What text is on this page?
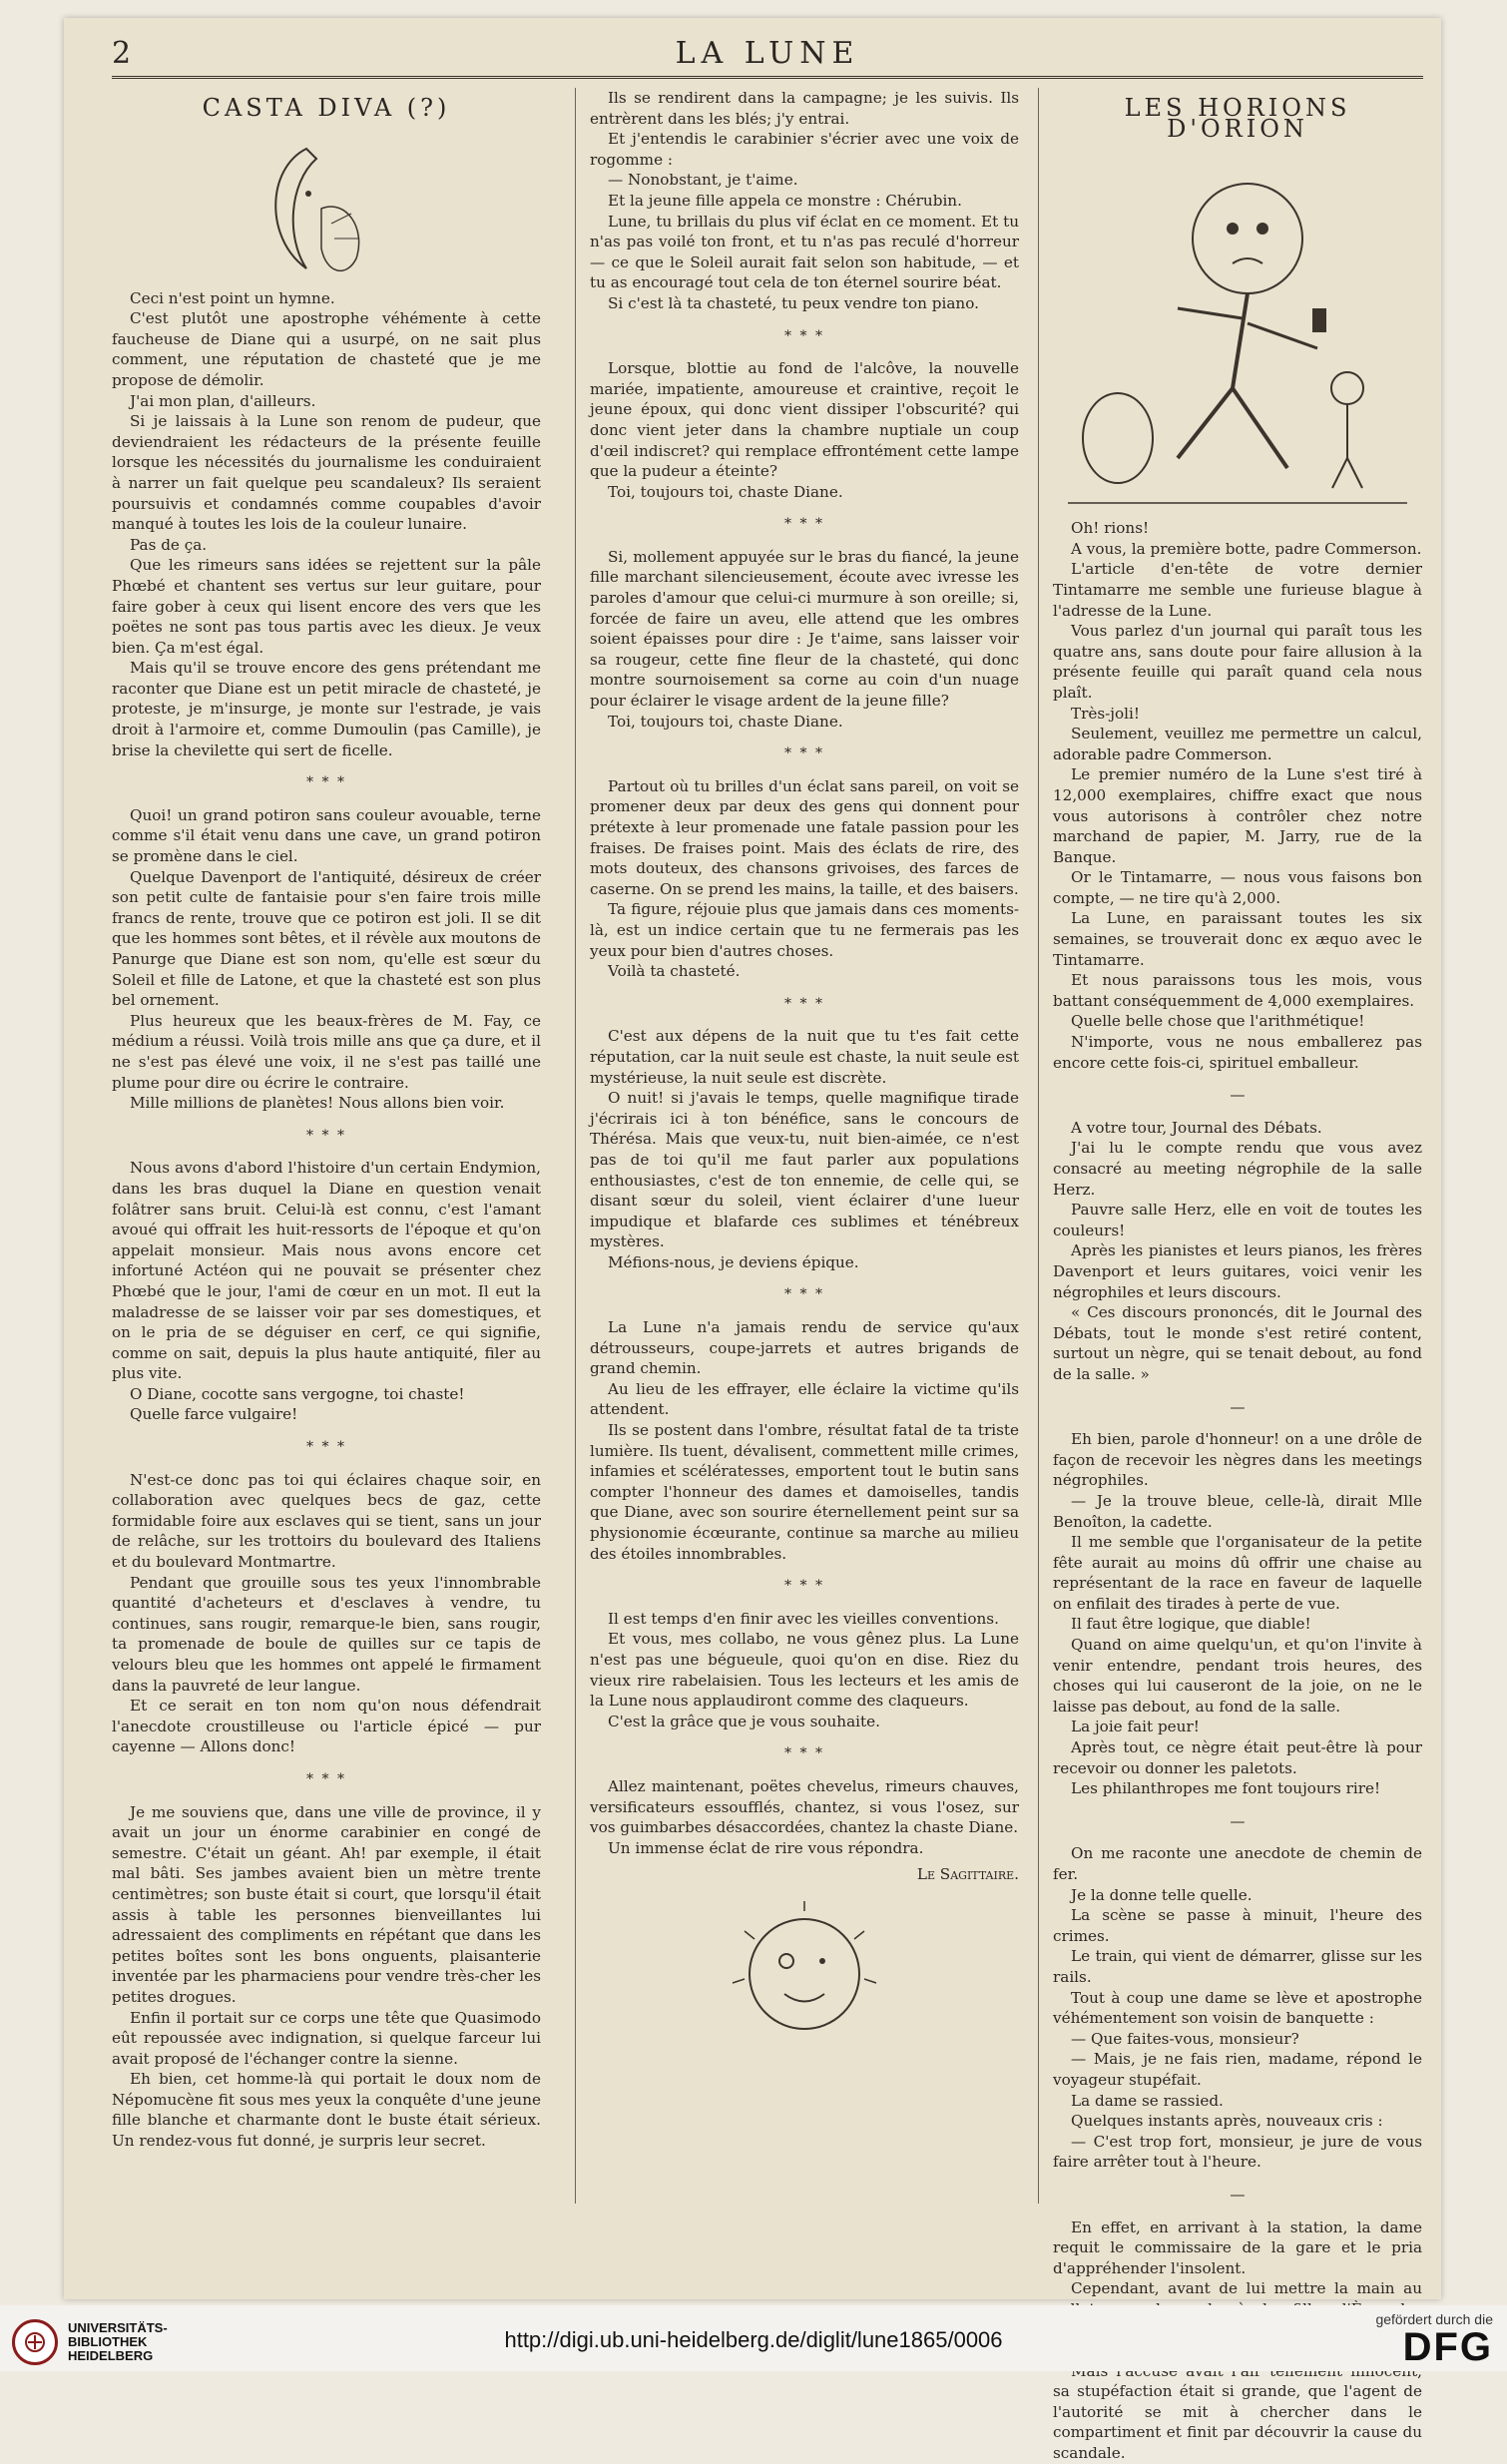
2	LA LUNE
CASTA DIVA (?)

Ceci n'est point un hymne.

C'est plutôt une apostrophe véhémente à cette faucheuse de Diane qui a usurpé, on ne sait plus comment, une réputation de chasteté que je me propose de démolir.

J'ai mon plan, d'ailleurs.

Si je laissais à la Lune son renom de pudeur, que deviendraient les rédacteurs de la présente feuille lorsque les nécessités du journalisme les conduiraient à narrer un fait quelque peu scandaleux? Ils seraient poursuivis et condamnés comme coupables d'avoir manqué à toutes les lois de la couleur lunaire.

Pas de ça.

Que les rimeurs sans idées se rejettent sur la pâle Phœbé et chantent ses vertus sur leur guitare, pour faire gober à ceux qui lisent encore des vers que les poëtes ne sont pas tous partis avec les dieux. Je veux bien. Ça m'est égal.

Mais qu'il se trouve encore des gens prétendant me raconter que Diane est un petit miracle de chasteté, je proteste, je m'insurge, je monte sur l'estrade, je vais droit à l'armoire et, comme Dumoulin (pas Camille), je brise la chevilette qui sert de ficelle.

* * *

Quoi! un grand potiron sans couleur avouable, terne comme s'il était venu dans une cave, un grand potiron se promène dans le ciel.

Quelque Davenport de l'antiquité, désireux de créer son petit culte de fantaisie pour s'en faire trois mille francs de rente, trouve que ce potiron est joli. Il se dit que les hommes sont bêtes, et il révèle aux moutons de Panurge que Diane est son nom, qu'elle est sœur du Soleil et fille de Latone, et que la chasteté est son plus bel ornement.

Plus heureux que les beaux-frères de M. Fay, ce médium a réussi. Voilà trois mille ans que ça dure, et il ne s'est pas élevé une voix, il ne s'est pas taillé une plume pour dire ou écrire le contraire.

Mille millions de planètes! Nous allons bien voir.

* * *

Nous avons d'abord l'histoire d'un certain Endymion, dans les bras duquel la Diane en question venait folâtrer sans bruit. Celui-là est connu, c'est l'amant avoué qui offrait les huit-ressorts de l'époque et qu'on appelait monsieur. Mais nous avons encore cet infortuné Actéon qui ne pouvait se présenter chez Phœbé que le jour, l'ami de cœur en un mot. Il eut la maladresse de se laisser voir par ses domestiques, et on le pria de se déguiser en cerf, ce qui signifie, comme on sait, depuis la plus haute antiquité, filer au plus vite.

O Diane, cocotte sans vergogne, toi chaste!

Quelle farce vulgaire!

* * *

N'est-ce donc pas toi qui éclaires chaque soir, en collaboration avec quelques becs de gaz, cette formidable foire aux esclaves qui se tient, sans un jour de relâche, sur les trottoirs du boulevard des Italiens et du boulevard Montmartre.

Pendant que grouille sous tes yeux l'innombrable quantité d'acheteurs et d'esclaves à vendre, tu continues, sans rougir, remarque-le bien, sans rougir, ta promenade de boule de quilles sur ce tapis de velours bleu que les hommes ont appelé le firmament dans la pauvreté de leur langue.

Et ce serait en ton nom qu'on nous défendrait l'anecdote croustilleuse ou l'article épicé — pur cayenne — Allons donc!

* * *

Je me souviens que, dans une ville de province, il y avait un jour un énorme carabinier en congé de semestre. C'était un géant. Ah! par exemple, il était mal bâti. Ses jambes avaient bien un mètre trente centimètres; son buste était si court, que lorsqu'il était assis à table les personnes bienveillantes lui adressaient des compliments en répétant que dans les petites boîtes sont les bons onguents, plaisanterie inventée par les pharmaciens pour vendre très-cher les petites drogues.

Enfin il portait sur ce corps une tête que Quasimodo eût repoussée avec indignation, si quelque farceur lui avait proposé de l'échanger contre la sienne.

Eh bien, cet homme-là qui portait le doux nom de Népomucène fit sous mes yeux la conquête d'une jeune fille blanche et charmante dont le buste était sérieux. Un rendez-vous fut donné, je surpris leur secret.

Ils se rendirent dans la campagne; je les suivis. Ils entrèrent dans les blés; j'y entrai.

Et j'entendis le carabinier s'écrier avec une voix de rogomme :

— Nonobstant, je t'aime.

Et la jeune fille appela ce monstre : Chérubin.

Lune, tu brillais du plus vif éclat en ce moment. Et tu n'as pas voilé ton front, et tu n'as pas reculé d'horreur — ce que le Soleil aurait fait selon son habitude, — et tu as encouragé tout cela de ton éternel sourire béat.

Si c'est là ta chasteté, tu peux vendre ton piano.

* * *

Lorsque, blottie au fond de l'alcôve, la nouvelle mariée, impatiente, amoureuse et craintive, reçoit le jeune époux, qui donc vient dissiper l'obscurité? qui donc vient jeter dans la chambre nuptiale un coup d'œil indiscret? qui remplace effrontément cette lampe que la pudeur a éteinte?

Toi, toujours toi, chaste Diane.

* * *

Si, mollement appuyée sur le bras du fiancé, la jeune fille marchant silencieusement, écoute avec ivresse les paroles d'amour que celui-ci murmure à son oreille; si, forcée de faire un aveu, elle attend que les ombres soient épaisses pour dire : Je t'aime, sans laisser voir sa rougeur, cette fine fleur de la chasteté, qui donc montre sournoisement sa corne au coin d'un nuage pour éclairer le visage ardent de la jeune fille?

Toi, toujours toi, chaste Diane.

* * *

Partout où tu brilles d'un éclat sans pareil, on voit se promener deux par deux des gens qui donnent pour prétexte à leur promenade une fatale passion pour les fraises. De fraises point. Mais des éclats de rire, des mots douteux, des chansons grivoises, des farces de caserne. On se prend les mains, la taille, et des baisers.

Ta figure, réjouie plus que jamais dans ces moments-là, est un indice certain que tu ne fermerais pas les yeux pour bien d'autres choses.

Voilà ta chasteté.

* * *

C'est aux dépens de la nuit que tu t'es fait cette réputation, car la nuit seule est chaste, la nuit seule est mystérieuse, la nuit seule est discrète.

O nuit! si j'avais le temps, quelle magnifique tirade j'écrirais ici à ton bénéfice, sans le concours de Thérésa. Mais que veux-tu, nuit bien-aimée, ce n'est pas de toi qu'il me faut parler aux populations enthousiastes, c'est de ton ennemie, de celle qui, se disant sœur du soleil, vient éclairer d'une lueur impudique et blafarde ces sublimes et ténébreux mystères.

Méfions-nous, je deviens épique.

* * *

La Lune n'a jamais rendu de service qu'aux détrousseurs, coupe-jarrets et autres brigands de grand chemin.

Au lieu de les effrayer, elle éclaire la victime qu'ils attendent.

Ils se postent dans l'ombre, résultat fatal de ta triste lumière. Ils tuent, dévalisent, commettent mille crimes, infamies et scélératesses, emportent tout le butin sans compter l'honneur des dames et damoiselles, tandis que Diane, avec son sourire éternellement peint sur sa physionomie écœurante, continue sa marche au milieu des étoiles innombrables.

* * *

Il est temps d'en finir avec les vieilles conventions.

Et vous, mes collabo, ne vous gênez plus. La Lune n'est pas une bégueule, quoi qu'on en dise. Riez du vieux rire rabelaisien. Tous les lecteurs et les amis de la Lune nous applaudiront comme des claqueurs.

C'est la grâce que je vous souhaite.

* * *

Allez maintenant, poëtes chevelus, rimeurs chauves, versificateurs essoufflés, chantez, si vous l'osez, sur vos guimbarbes désaccordées, chantez la chaste Diane.

Un immense éclat de rire vous répondra.

Le Sagittaire.
LES HORIONS D'ORION

Oh! rions!

A vous, la première botte, padre Commerson.

L'article d'en-tête de votre dernier Tintamarre me semble une furieuse blague à l'adresse de la Lune.

Vous parlez d'un journal qui paraît tous les quatre ans, sans doute pour faire allusion à la présente feuille qui paraît quand cela nous plaît.

Très-joli!

Seulement, veuillez me permettre un calcul, adorable padre Commerson.

Le premier numéro de la Lune s'est tiré à 12,000 exemplaires, chiffre exact que nous vous autorisons à contrôler chez notre marchand de papier, M. Jarry, rue de la Banque.

Or le Tintamarre, — nous vous faisons bon compte, — ne tire qu'à 2,000.

La Lune, en paraissant toutes les six semaines, se trouverait donc ex æquo avec le Tintamarre.

Et nous paraissons tous les mois, vous battant conséquemment de 4,000 exemplaires.

Quelle belle chose que l'arithmétique!

N'importe, vous ne nous emballerez pas encore cette fois-ci, spirituel emballeur.

—

A votre tour, Journal des Débats.

J'ai lu le compte rendu que vous avez consacré au meeting négrophile de la salle Herz.

Pauvre salle Herz, elle en voit de toutes les couleurs!

Après les pianistes et leurs pianos, les frères Davenport et leurs guitares, voici venir les négrophiles et leurs discours.

« Ces discours prononcés, dit le Journal des Débats, tout le monde s'est retiré content, surtout un nègre, qui se tenait debout, au fond de la salle. »

—

Eh bien, parole d'honneur! on a une drôle de façon de recevoir les nègres dans les meetings négrophiles.

— Je la trouve bleue, celle-là, dirait Mlle Benoîton, la cadette.

Il me semble que l'organisateur de la petite fête aurait au moins dû offrir une chaise au représentant de la race en faveur de laquelle on enfilait des tirades à perte de vue.

Il faut être logique, que diable!

Quand on aime quelqu'un, et qu'on l'invite à venir entendre, pendant trois heures, des choses qui lui causeront de la joie, on ne le laisse pas debout, au fond de la salle.

La joie fait peur!

Après tout, ce nègre était peut-être là pour recevoir ou donner les paletots.

Les philanthropes me font toujours rire!

—

On me raconte une anecdote de chemin de fer.

Je la donne telle quelle.

La scène se passe à minuit, l'heure des crimes.

Le train, qui vient de démarrer, glisse sur les rails.

Tout à coup une dame se lève et apostrophe véhémentement son voisin de banquette :

— Que faites-vous, monsieur?

— Mais, je ne fais rien, madame, répond le voyageur stupéfait.

La dame se rassied.

Quelques instants après, nouveaux cris :

— C'est trop fort, monsieur, je jure de vous faire arrêter tout à l'heure.

—

En effet, en arrivant à la station, la dame requit le commissaire de la gare et le pria d'appréhender l'insolent.

Cependant, avant de lui mettre la main au

sa stupéfaction était si grande, que l'agent de l'autorité se mit à chercher dans le compartiment et finit par découvrir la cause du scandale.

UNIVERSITÄTS-
BIBLIOTHEK
HEIDELBERG
http://digi.ub.uni-heidelberg.de/diglit/lune1865/0006
gefördert durch die
DFG
